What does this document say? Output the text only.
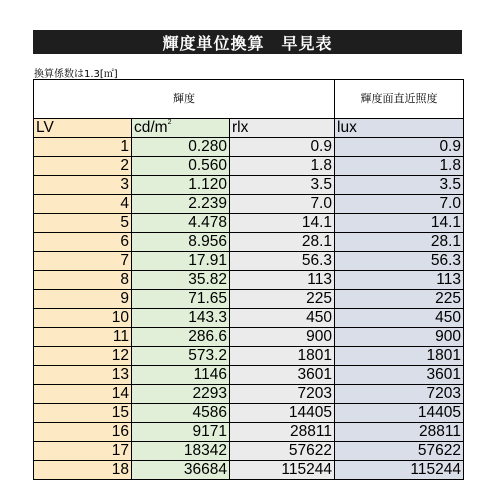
輝度単位換算　早見表
換算係数は1.3[㎡]
輝度			輝度面直近照度
LV	$cd/m^2$	rlx	lux
1	0.280	0.9	0.9
2	0.560	1.8	1.8
3	1.120	3.5	3.5
4	2.239	7.0	7.0
5	4.478	14.1	14.1
6	8.956	28.1	28.1
7	17.91	56.3	56.3
8	35.82	113	113
9	71.65	225	225
10	143.3	450	450
11	286.6	900	900
12	573.2	1801	1801
13	1146	3601	3601
14	2293	7203	7203
15	4586	14405	14405
16	9171	28811	28811
17	18342	57622	57622
18	36684	115244	115244
